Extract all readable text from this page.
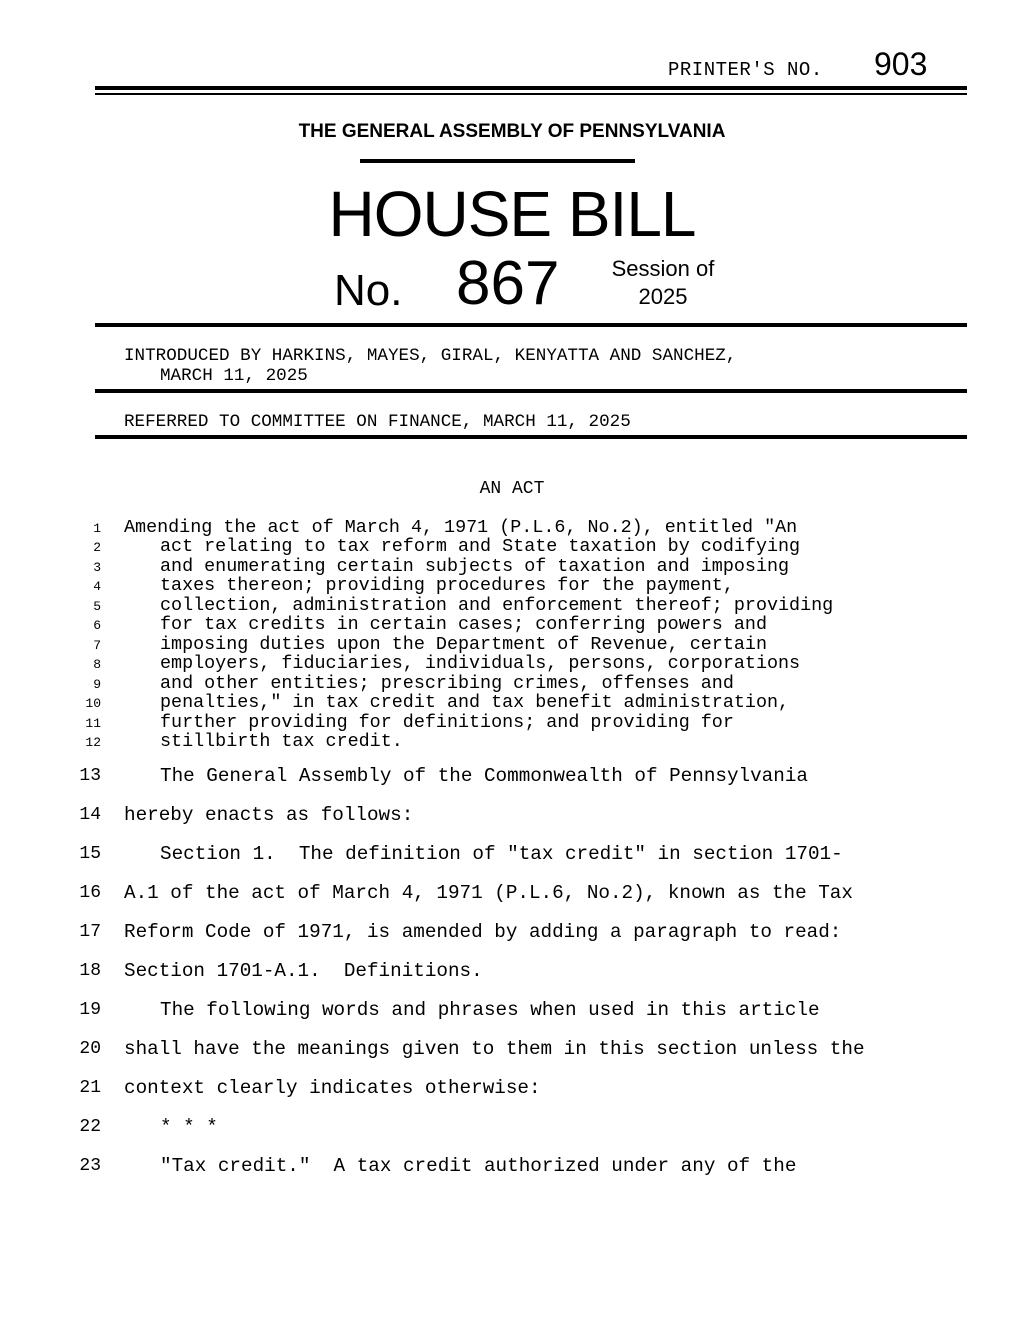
PRINTER'S NO. 903
THE GENERAL ASSEMBLY OF PENNSYLVANIA
HOUSE BILL
No. 867	Session of
2025
INTRODUCED BY HARKINS, MAYES, GIRAL, KENYATTA AND SANCHEZ,
MARCH 11, 2025
REFERRED TO COMMITTEE ON FINANCE, MARCH 11, 2025
AN ACT
1 Amending the act of March 4, 1971 (P.L.6, No.2), entitled "An
2	act relating to tax reform and State taxation by codifying
3	and enumerating certain subjects of taxation and imposing
4	taxes thereon; providing procedures for the payment,
5	collection, administration and enforcement thereof; providing
6	for tax credits in certain cases; conferring powers and
7	imposing duties upon the Department of Revenue, certain
8	employers, fiduciaries, individuals, persons, corporations
9	and other entities; prescribing crimes, offenses and
10	penalties," in tax credit and tax benefit administration,
11	further providing for definitions; and providing for
12	stillbirth tax credit.
13	The General Assembly of the Commonwealth of Pennsylvania
14 hereby enacts as follows:
15	Section 1.  The definition of "tax credit" in section 1701-
16 A.1 of the act of March 4, 1971 (P.L.6, No.2), known as the Tax
17 Reform Code of 1971, is amended by adding a paragraph to read:
18 Section 1701-A.1.  Definitions.
19	The following words and phrases when used in this article
20 shall have the meanings given to them in this section unless the
21 context clearly indicates otherwise:
22	* * *
23	"Tax credit."  A tax credit authorized under any of the
